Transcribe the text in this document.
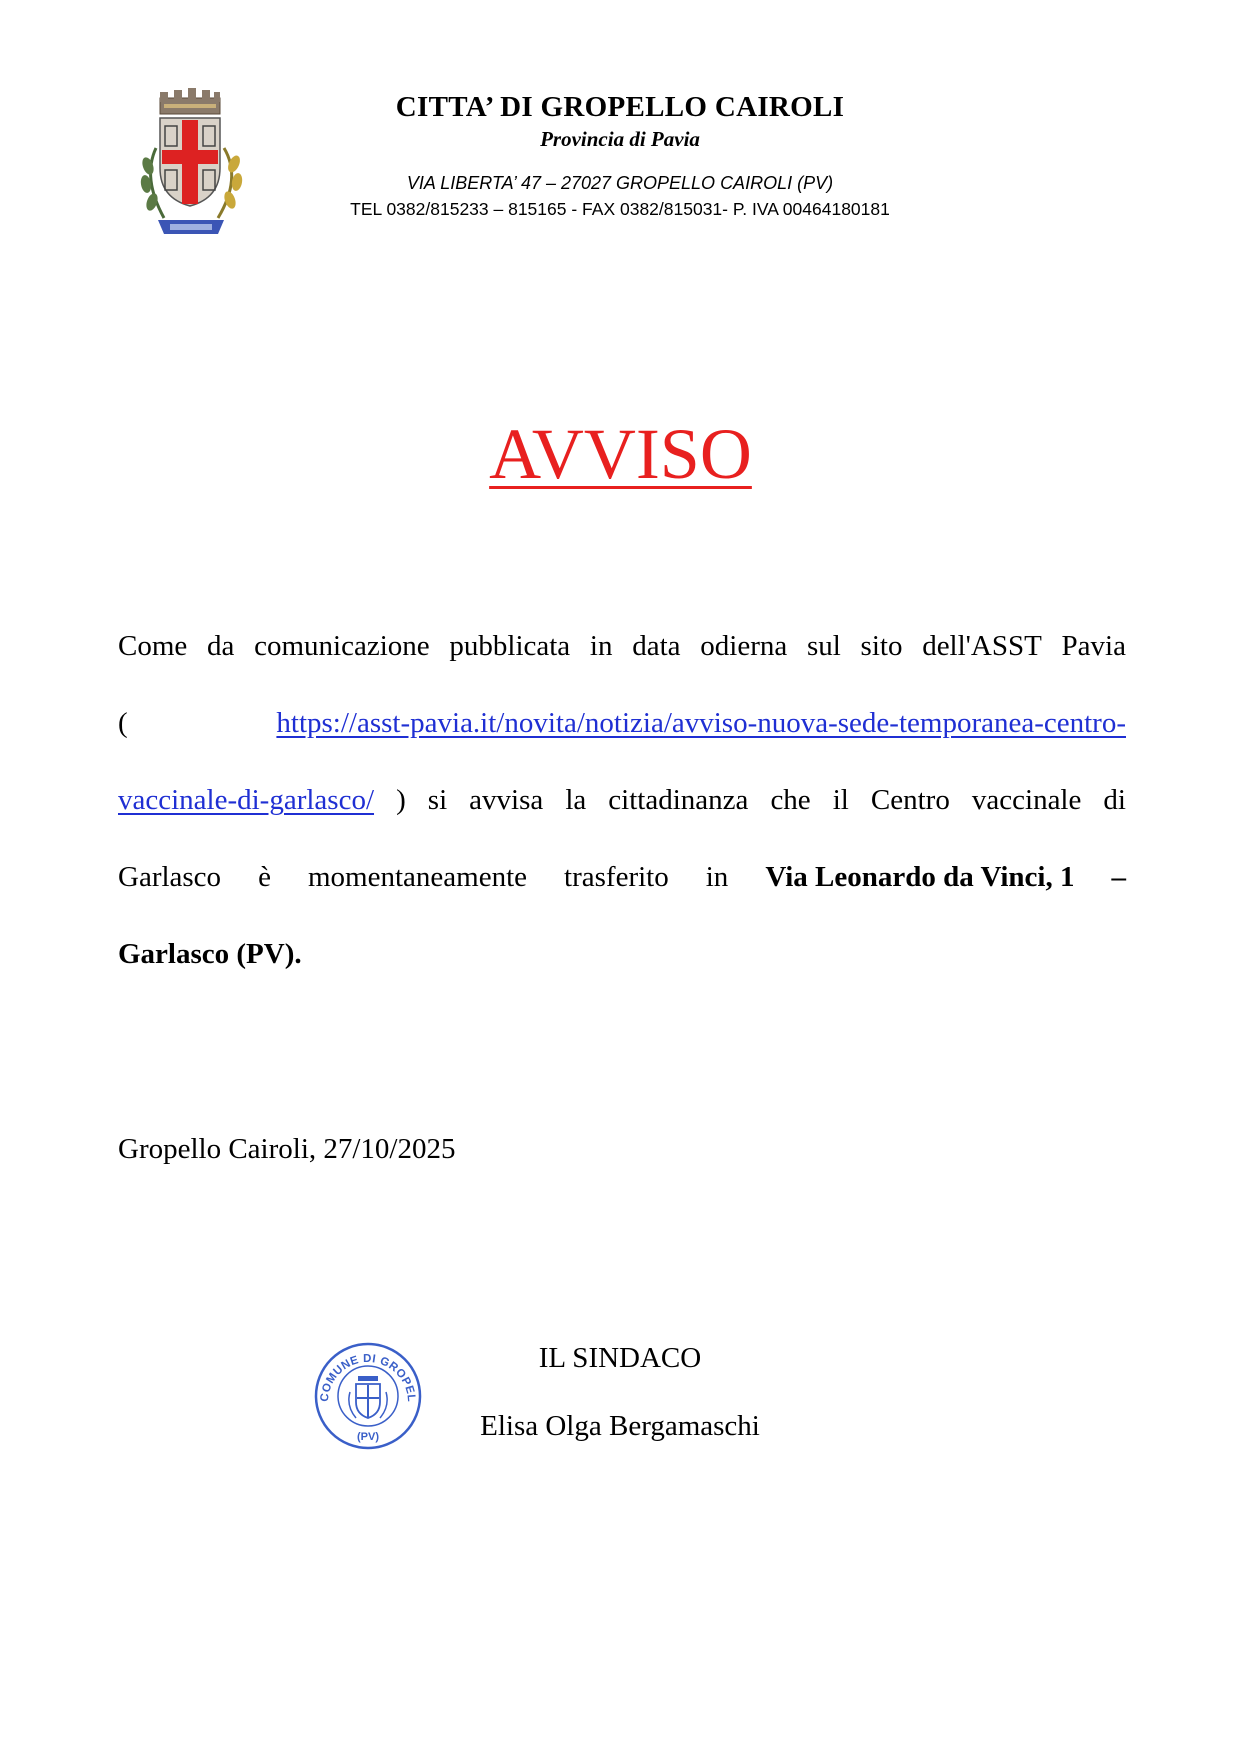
CITTA’ DI GROPELLO CAIROLI
Provincia di Pavia
VIA LIBERTA’ 47 – 27027 GROPELLO CAIROLI (PV)
TEL 0382/815233 – 815165 - FAX 0382/815031- P. IVA 00464180181
AVVISO
Come da comunicazione pubblicata in data odierna sul sito dell'ASST Pavia
(	https://asst-pavia.it/novita/notizia/avviso-nuova-sede-temporanea-centro-
vaccinale-di-garlasco/ ) si avvisa la cittadinanza che il Centro vaccinale di
Garlasco è momentaneamente trasferito in Via Leonardo da Vinci, 1 –
Garlasco (PV).
Gropello Cairoli, 27/10/2025
COMUNE DI GROPEL
(PV)
IL SINDACO
Elisa Olga Bergamaschi
